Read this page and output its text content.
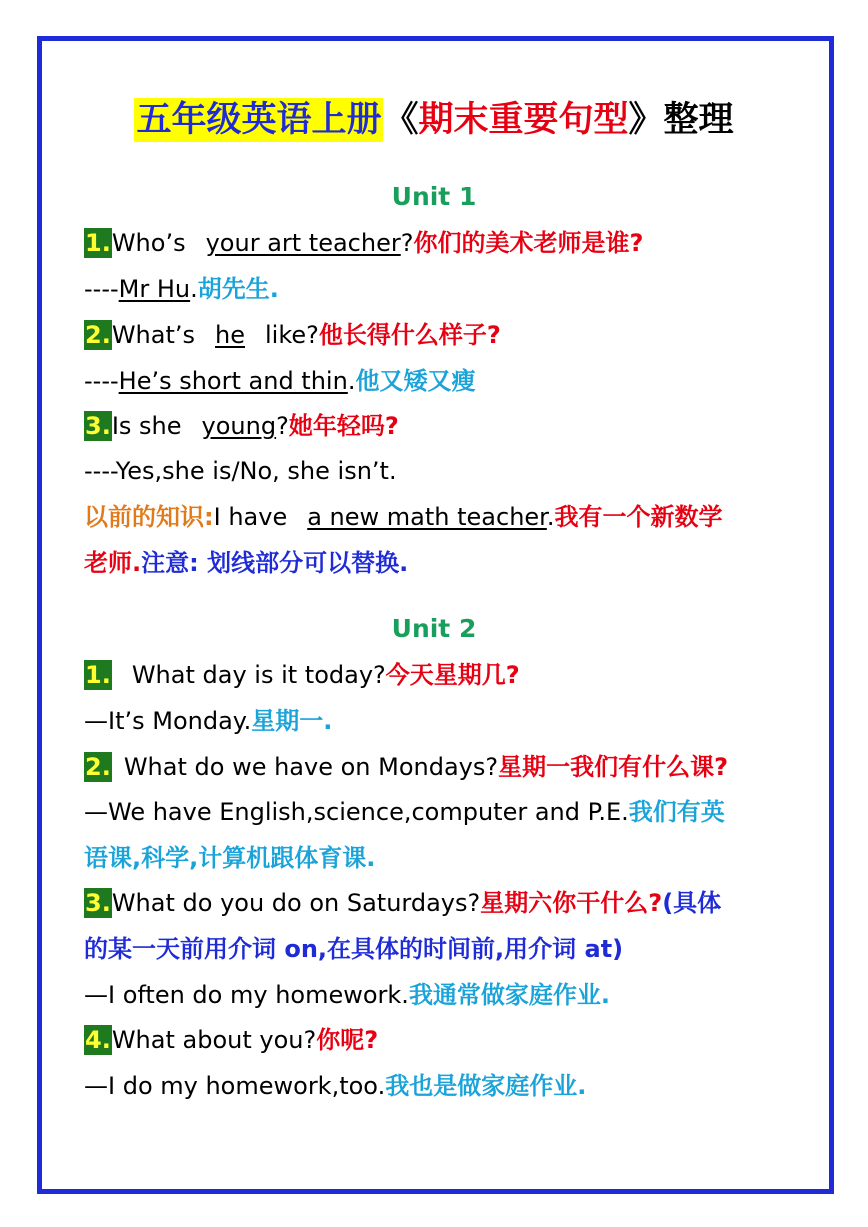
五年级英语上册《期末重要句型》整理
Unit 1
1.Who’s your art teacher?你们的美术老师是谁?
----Mr Hu.胡先生.
2.What’s he like?他长得什么样子?
----He’s short and thin.他又矮又瘦
3.Is she young?她年轻吗?
----Yes,she is/No, she isn’t.
以前的知识:I have a new math teacher.我有一个新数学
老师.注意: 划线部分可以替换.
Unit 2
1. What day is it today?今天星期几?
—It’s Monday.星期一.
2. What do we have on Mondays?星期一我们有什么课?
—We have English,science,computer and P.E.我们有英
语课,科学,计算机跟体育课.
3.What do you do on Saturdays?星期六你干什么?(具体
的某一天前用介词 on,在具体的时间前,用介词 at)
—I often do my homework.我通常做家庭作业.
4.What about you?你呢?
—I do my homework,too.我也是做家庭作业.
